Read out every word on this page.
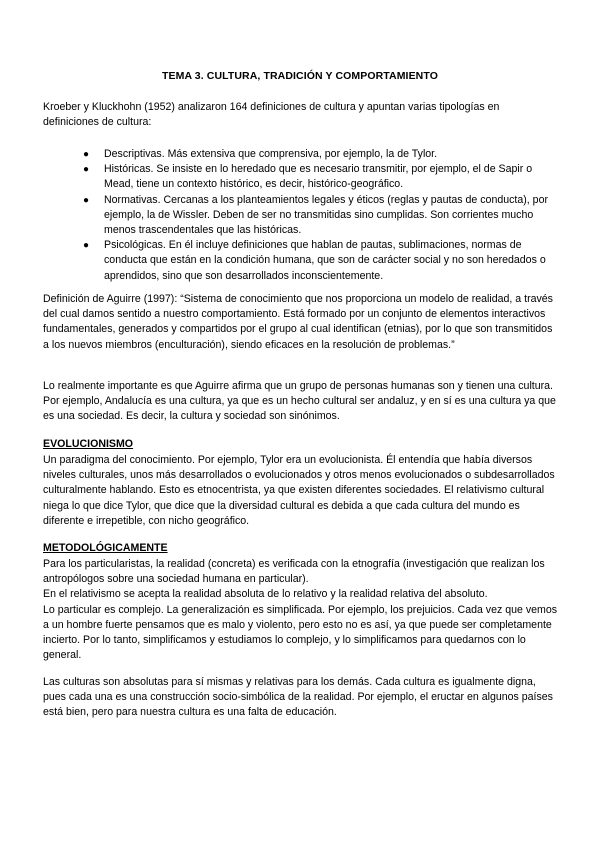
TEMA 3. CULTURA, TRADICIÓN Y COMPORTAMIENTO

Kroeber y Kluckhohn (1952) analizaron 164 definiciones de cultura y apuntan varias tipologías en definiciones de cultura:

● Descriptivas. Más extensiva que comprensiva, por ejemplo, la de Tylor.
● Históricas. Se insiste en lo heredado que es necesario transmitir, por ejemplo, el de Sapir o Mead, tiene un contexto histórico, es decir, histórico-geográfico.
● Normativas. Cercanas a los planteamientos legales y éticos (reglas y pautas de conducta), por ejemplo, la de Wissler. Deben de ser no transmitidas sino cumplidas. Son corrientes mucho menos trascendentales que las históricas.
● Psicológicas. En él incluye definiciones que hablan de pautas, sublimaciones, normas de conducta que están en la condición humana, que son de carácter social y no son heredados o aprendidos, sino que son desarrollados inconscientemente.

Definición de Aguirre (1997): “Sistema de conocimiento que nos proporciona un modelo de realidad, a través del cual damos sentido a nuestro comportamiento. Está formado por un conjunto de elementos interactivos fundamentales, generados y compartidos por el grupo al cual identifican (etnias), por lo que son transmitidos a los nuevos miembros (enculturación), siendo eficaces en la resolución de problemas.”

Lo realmente importante es que Aguirre afirma que un grupo de personas humanas son y tienen una cultura. Por ejemplo, Andalucía es una cultura, ya que es un hecho cultural ser andaluz, y en sí es una cultura ya que es una sociedad. Es decir, la cultura y sociedad son sinónimos.

EVOLUCIONISMO

Un paradigma del conocimiento. Por ejemplo, Tylor era un evolucionista. Él entendía que había diversos niveles culturales, unos más desarrollados o evolucionados y otros menos evolucionados o subdesarrollados culturalmente hablando. Esto es etnocentrista, ya que existen diferentes sociedades. El relativismo cultural niega lo que dice Tylor, que dice que la diversidad cultural es debida a que cada cultura del mundo es diferente e irrepetible, con nicho geográfico.

METODOLÓGICAMENTE

Para los particularistas, la realidad (concreta) es verificada con la etnografía (investigación que realizan los antropólogos sobre una sociedad humana en particular).
En el relativismo se acepta la realidad absoluta de lo relativo y la realidad relativa del absoluto.
Lo particular es complejo. La generalización es simplificada. Por ejemplo, los prejuicios. Cada vez que vemos a un hombre fuerte pensamos que es malo y violento, pero esto no es así, ya que puede ser completamente incierto. Por lo tanto, simplificamos y estudiamos lo complejo, y lo simplificamos para quedarnos con lo general.

Las culturas son absolutas para sí mismas y relativas para los demás. Cada cultura es igualmente digna, pues cada una es una construcción socio-simbólica de la realidad. Por ejemplo, el eructar en algunos países está bien, pero para nuestra cultura es una falta de educación.
